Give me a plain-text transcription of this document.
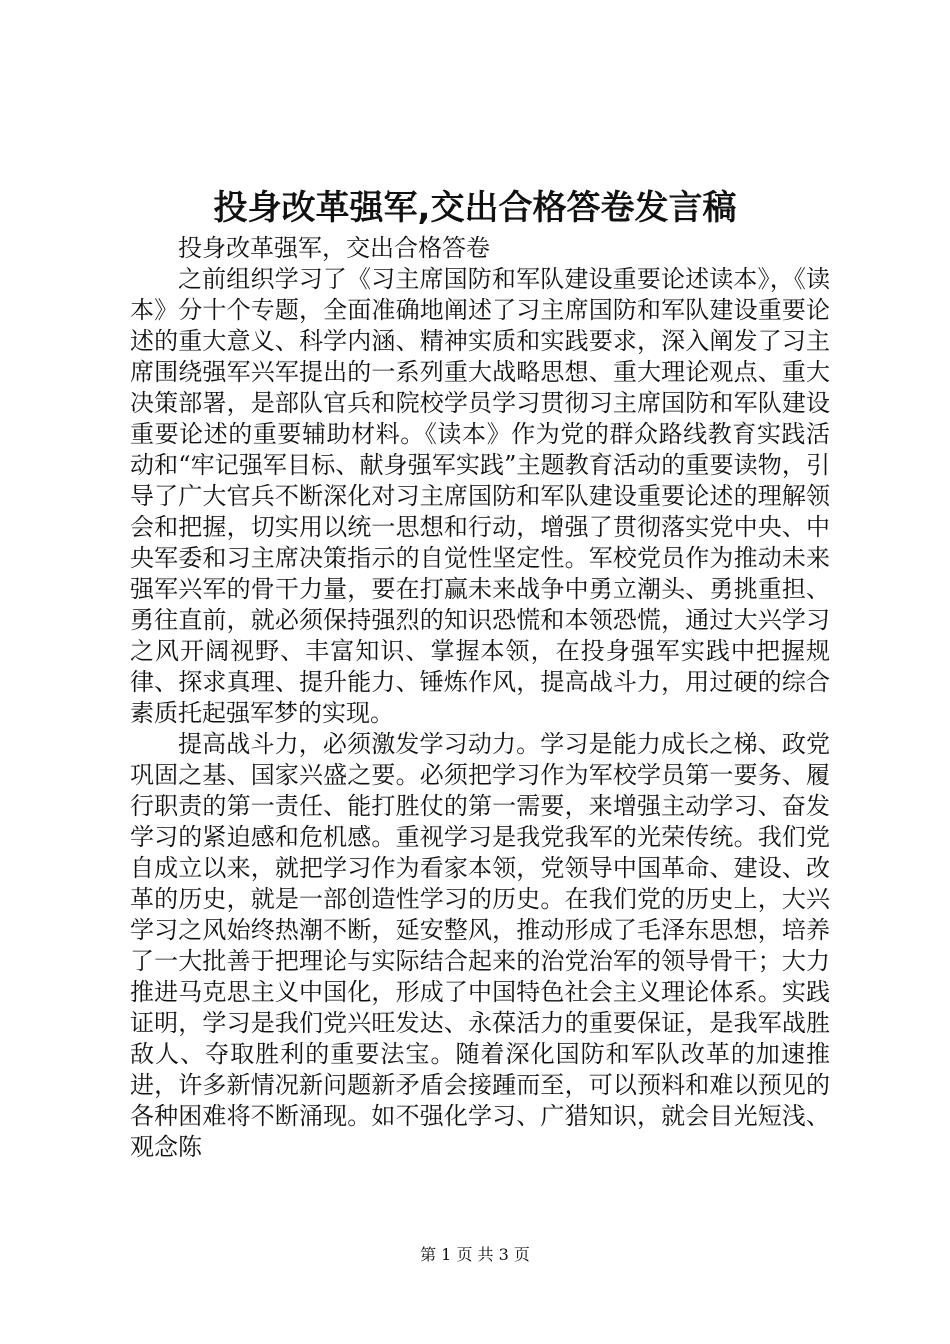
投身改革强军,交出合格答卷发言稿

投身改革强军，交出合格答卷

之前组织学习了《习主席国防和军队建设重要论述读本》，《读本》分十个专题，全面准确地阐述了习主席国防和军队建设重要论述的重大意义、科学内涵、精神实质和实践要求，深入阐发了习主席围绕强军兴军提出的一系列重大战略思想、重大理论观点、重大决策部署，是部队官兵和院校学员学习贯彻习主席国防和军队建设重要论述的重要辅助材料。《读本》作为党的群众路线教育实践活动和“牢记强军目标、献身强军实践”主题教育活动的重要读物，引导了广大官兵不断深化对习主席国防和军队建设重要论述的理解领会和把握，切实用以统一思想和行动，增强了贯彻落实党中央、中央军委和习主席决策指示的自觉性坚定性。军校党员作为推动未来强军兴军的骨干力量，要在打赢未来战争中勇立潮头、勇挑重担、勇往直前，就必须保持强烈的知识恐慌和本领恐慌，通过大兴学习之风开阔视野、丰富知识、掌握本领，在投身强军实践中把握规律、探求真理、提升能力、锤炼作风，提高战斗力，用过硬的综合素质托起强军梦的实现。

提高战斗力，必须激发学习动力。学习是能力成长之梯、政党巩固之基、国家兴盛之要。必须把学习作为军校学员第一要务、履行职责的第一责任、能打胜仗的第一需要，来增强主动学习、奋发学习的紧迫感和危机感。重视学习是我党我军的光荣传统。我们党自成立以来，就把学习作为看家本领，党领导中国革命、建设、改革的历史，就是一部创造性学习的历史。在我们党的历史上，大兴学习之风始终热潮不断，延安整风，推动形成了毛泽东思想，培养了一大批善于把理论与实际结合起来的治党治军的领导骨干；大力推进马克思主义中国化，形成了中国特色社会主义理论体系。实践证明，学习是我们党兴旺发达、永葆活力的重要保证，是我军战胜敌人、夺取胜利的重要法宝。随着深化国防和军队改革的加速推进，许多新情况新问题新矛盾会接踵而至，可以预料和难以预见的各种困难将不断涌现。如不强化学习、广猎知识，就会目光短浅、观念陈

第 1 页 共 3 页
